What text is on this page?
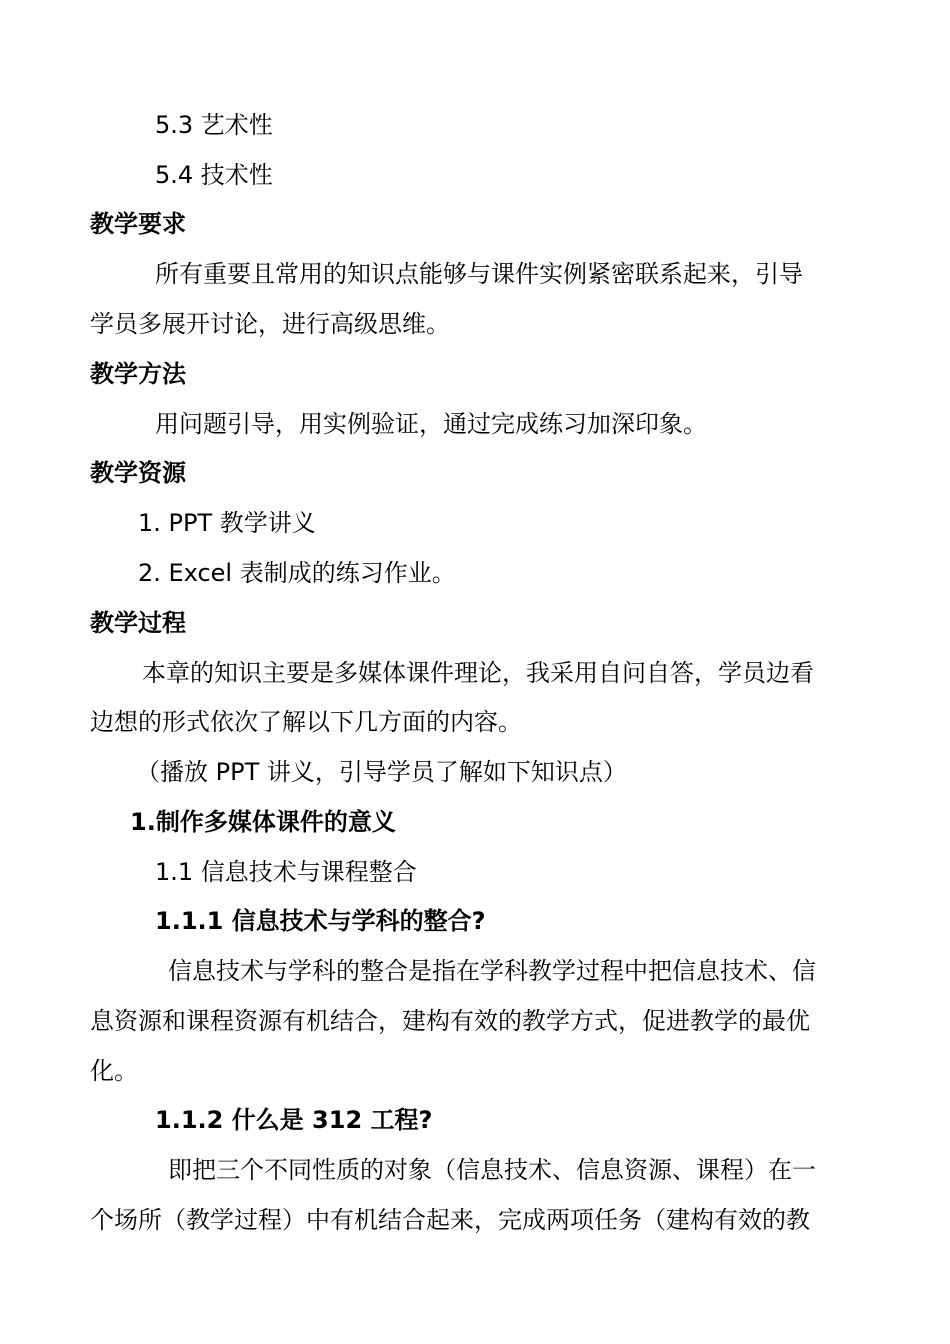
5.3 艺术性
5.4 技术性
教学要求
所有重要且常用的知识点能够与课件实例紧密联系起来，引导
学员多展开讨论，进行高级思维。
教学方法
用问题引导，用实例验证，通过完成练习加深印象。
教学资源
1. PPT 教学讲义
2. Excel 表制成的练习作业。
教学过程
本章的知识主要是多媒体课件理论，我采用自问自答，学员边看
边想的形式依次了解以下几方面的内容。
（播放 PPT 讲义，引导学员了解如下知识点）
1.制作多媒体课件的意义
1.1 信息技术与课程整合
1.1.1 信息技术与学科的整合?
信息技术与学科的整合是指在学科教学过程中把信息技术、信
息资源和课程资源有机结合，建构有效的教学方式，促进教学的最优
化。
1.1.2 什么是 312 工程?
即把三个不同性质的对象（信息技术、信息资源、课程）在一
个场所（教学过程）中有机结合起来，完成两项任务（建构有效的教
